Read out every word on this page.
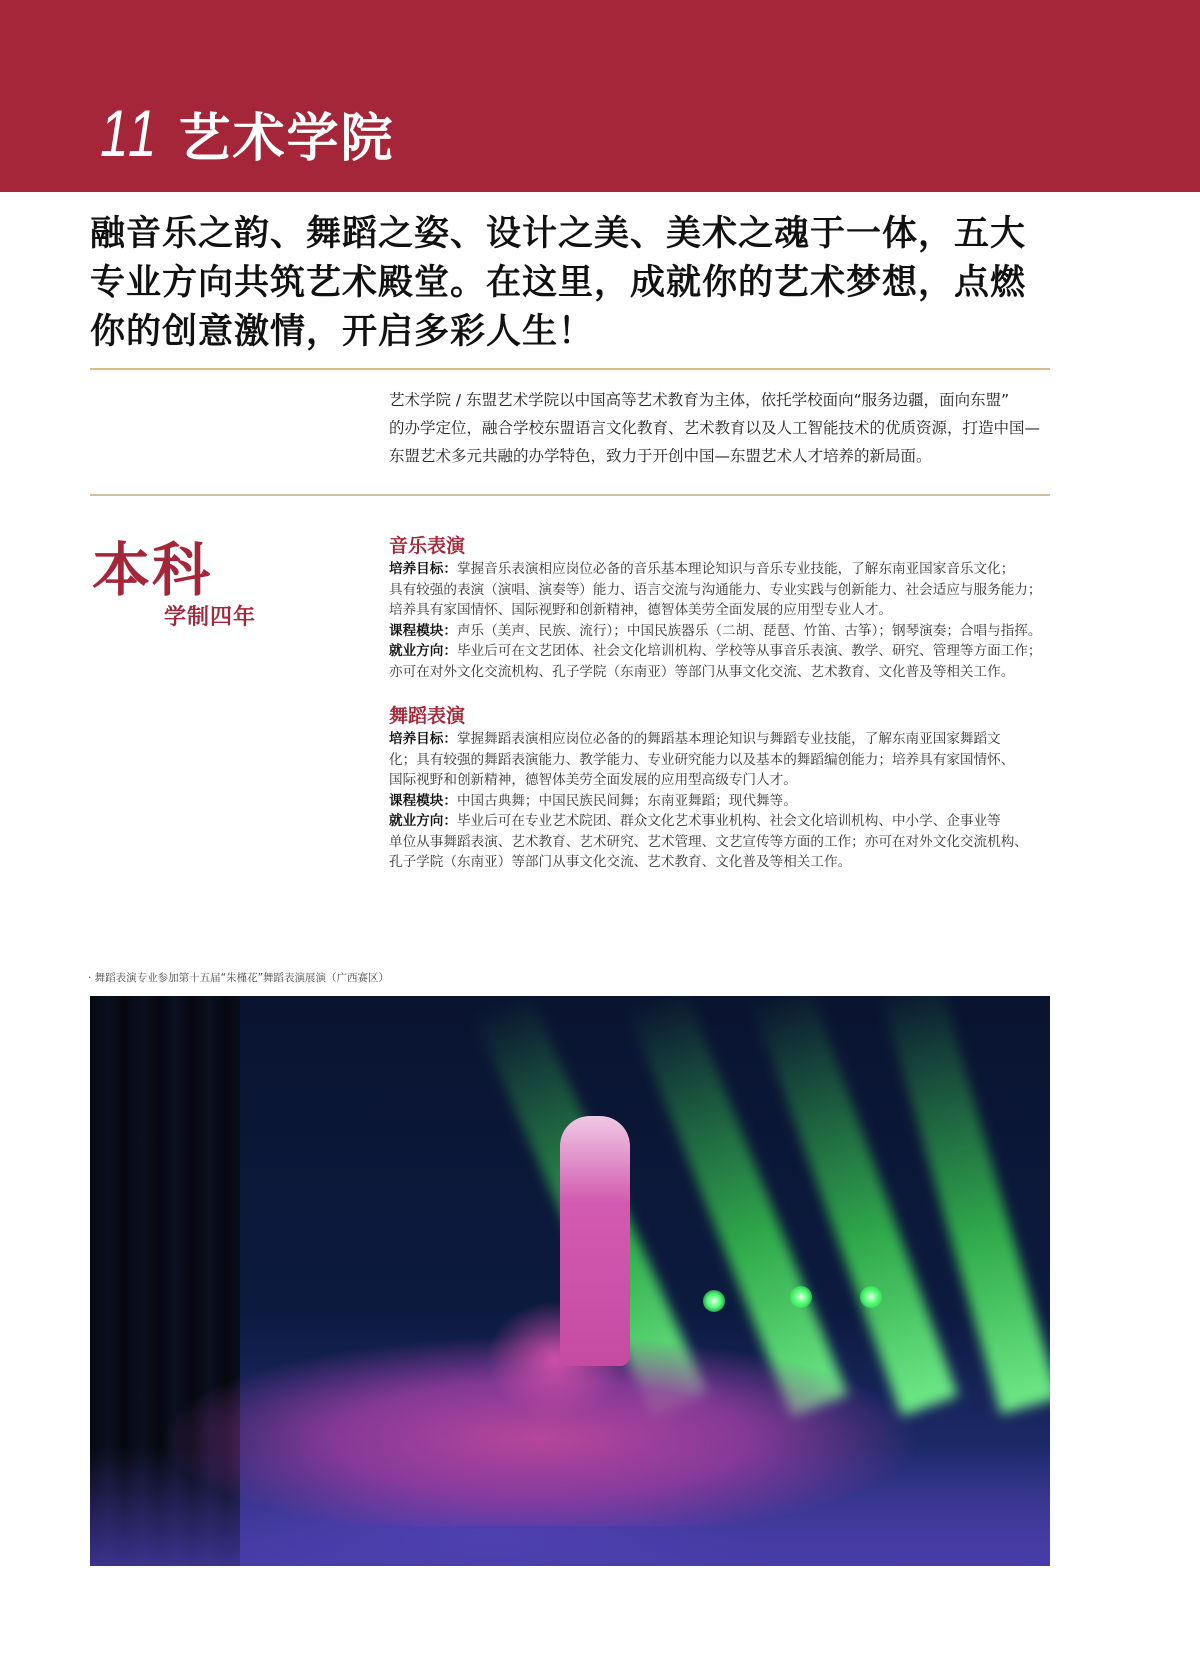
11 艺术学院
融音乐之韵、舞蹈之姿、设计之美、美术之魂于一体，五大
专业方向共筑艺术殿堂。在这里，成就你的艺术梦想，点燃
你的创意激情，开启多彩人生！
艺术学院 / 东盟艺术学院以中国高等艺术教育为主体，依托学校面向“服务边疆，面向东盟”
的办学定位，融合学校东盟语言文化教育、艺术教育以及人工智能技术的优质资源，打造中国—
东盟艺术多元共融的办学特色，致力于开创中国—东盟艺术人才培养的新局面。
本科
学制四年
音乐表演
培养目标：掌握音乐表演相应岗位必备的音乐基本理论知识与音乐专业技能，了解东南亚国家音乐文化；
具有较强的表演（演唱、演奏等）能力、语言交流与沟通能力、专业实践与创新能力、社会适应与服务能力；
培养具有家国情怀、国际视野和创新精神，德智体美劳全面发展的应用型专业人才。
课程模块：声乐（美声、民族、流行）；中国民族器乐（二胡、琵琶、竹笛、古筝）；钢琴演奏；合唱与指挥。
就业方向：毕业后可在文艺团体、社会文化培训机构、学校等从事音乐表演、教学、研究、管理等方面工作；
亦可在对外文化交流机构、孔子学院（东南亚）等部门从事文化交流、艺术教育、文化普及等相关工作。
舞蹈表演
培养目标：掌握舞蹈表演相应岗位必备的的舞蹈基本理论知识与舞蹈专业技能，了解东南亚国家舞蹈文
化；具有较强的舞蹈表演能力、教学能力、专业研究能力以及基本的舞蹈编创能力；培养具有家国情怀、
国际视野和创新精神，德智体美劳全面发展的应用型高级专门人才。
课程模块：中国古典舞；中国民族民间舞；东南亚舞蹈；现代舞等。
就业方向：毕业后可在专业艺术院团、群众文化艺术事业机构、社会文化培训机构、中小学、企事业等
单位从事舞蹈表演、艺术教育、艺术研究、艺术管理、文艺宣传等方面的工作；亦可在对外文化交流机构、
孔子学院（东南亚）等部门从事文化交流、艺术教育、文化普及等相关工作。
· 舞蹈表演专业参加第十五届“朱槿花”舞蹈表演展演（广西赛区）
